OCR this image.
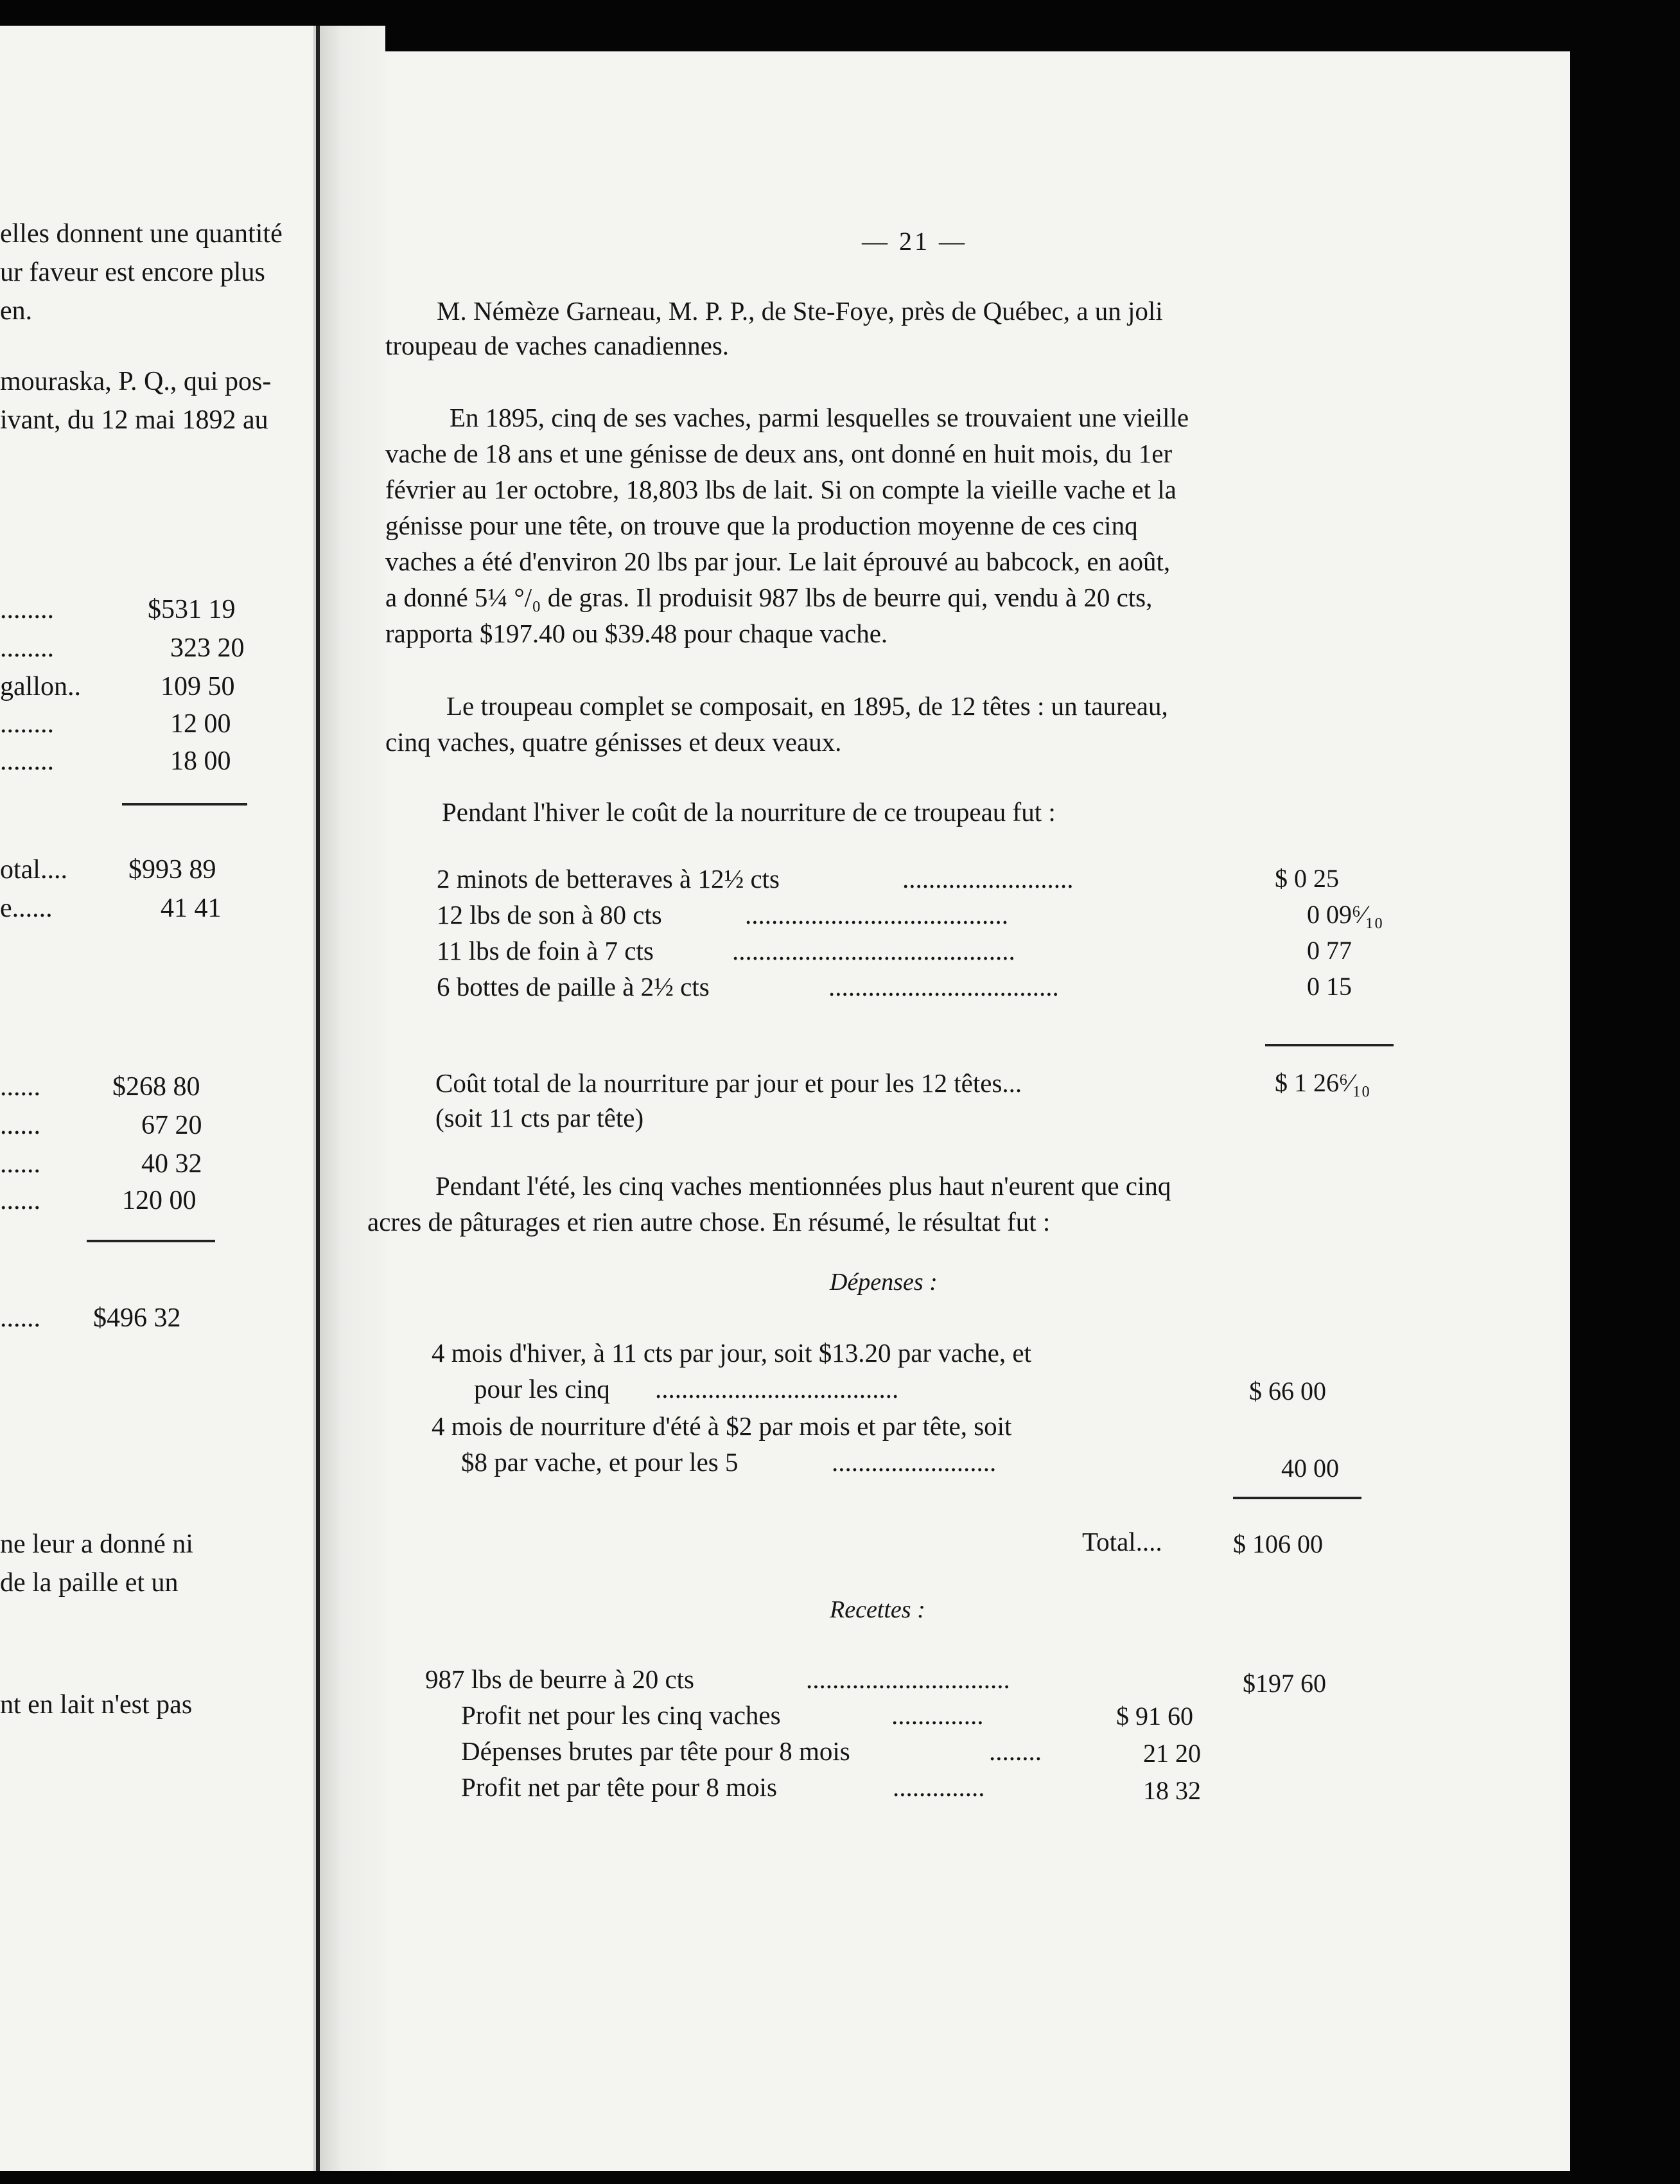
elles donnent une quantité
ur faveur est encore plus
en.
mouraska, P. Q., qui pos-
ivant, du 12 mai 1892 au
........	$531 19
........	323 20
gallon..	109 50
........	12 00
........	18 00
otal.... $993 89
e......	41 41
......	$268 80
......	67 20
......	40 32
......	120 00
...... $496 32
ne leur a donné ni
de la paille et un
nt en lait n'est pas
— 21 —
M. Némèze Garneau, M. P. P., de Ste-Foye, près de Québec, a un joli
troupeau de vaches canadiennes.
En 1895, cinq de ses vaches, parmi lesquelles se trouvaient une vieille
vache de 18 ans et une génisse de deux ans, ont donné en huit mois, du 1er
février au 1er octobre, 18,803 lbs de lait. Si on compte la vieille vache et la
génisse pour une tête, on trouve que la production moyenne de ces cinq
vaches a été d'environ 20 lbs par jour. Le lait éprouvé au babcock, en août,
a donné 5¼ °/₀ de gras. Il produisit 987 lbs de beurre qui, vendu à 20 cts,
rapporta $197.40 ou $39.48 pour chaque vache.
Le troupeau complet se composait, en 1895, de 12 têtes : un taureau,
cinq vaches, quatre génisses et deux veaux.
Pendant l'hiver le coût de la nourriture de ce troupeau fut :
2 minots de betteraves à 12½ cts	..........................	$ 0 25
12 lbs de son à 80 cts	........................................	0 09⁶⁄₁₀
11 lbs de foin à 7 cts	...........................................	0 77
6 bottes de paille à 2½ cts	...................................	0 15
Coût total de la nourriture par jour et pour les 12 têtes...	$ 1 26⁶⁄₁₀
(soit 11 cts par tête)
Pendant l'été, les cinq vaches mentionnées plus haut n'eurent que cinq
acres de pâturages et rien autre chose. En résumé, le résultat fut :
Dépenses :
4 mois d'hiver, à 11 cts par jour, soit $13.20 par vache, et
pour les cinq .....................................	$ 66 00
4 mois de nourriture d'été à $2 par mois et par tête, soit
$8 par vache, et pour les 5	.........................	40 00
Total....	$ 106 00
Recettes :
987 lbs de beurre à 20 cts	...............................	$197 60
Profit net pour les cinq vaches	..............	$ 91 60
Dépenses brutes par tête pour 8 mois	........	21 20
Profit net par tête pour 8 mois	..............	18 32
